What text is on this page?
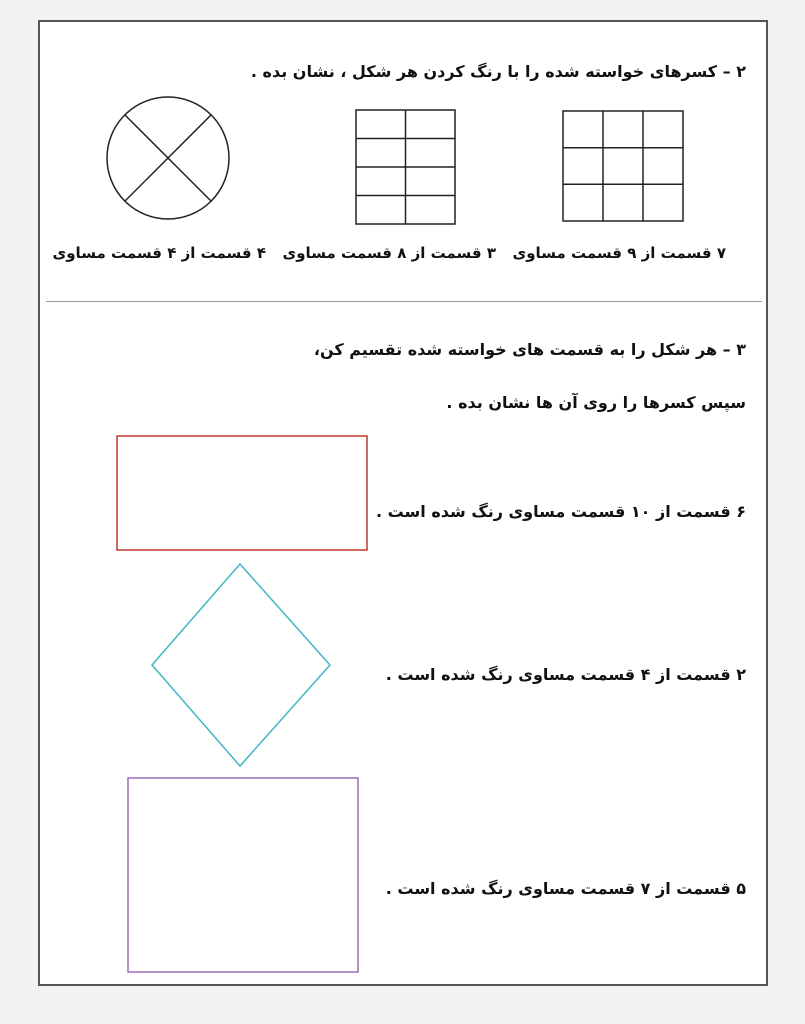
۲ – کسرهای خواسته شده را با رنگ کردن هر شکل ، نشان بده .
۷ قسمت از ۹ قسمت مساوی
۳ قسمت از ۸ قسمت مساوی
۴ قسمت از ۴ قسمت مساوی
۳ – هر شکل را به قسمت های خواسته شده تقسیم کن،
سپس کسرها را روی آن ها نشان بده .
۶ قسمت از ۱۰ قسمت مساوی رنگ شده است .
۲ قسمت از ۴ قسمت مساوی رنگ شده است .
۵ قسمت از ۷ قسمت مساوی رنگ شده است .
